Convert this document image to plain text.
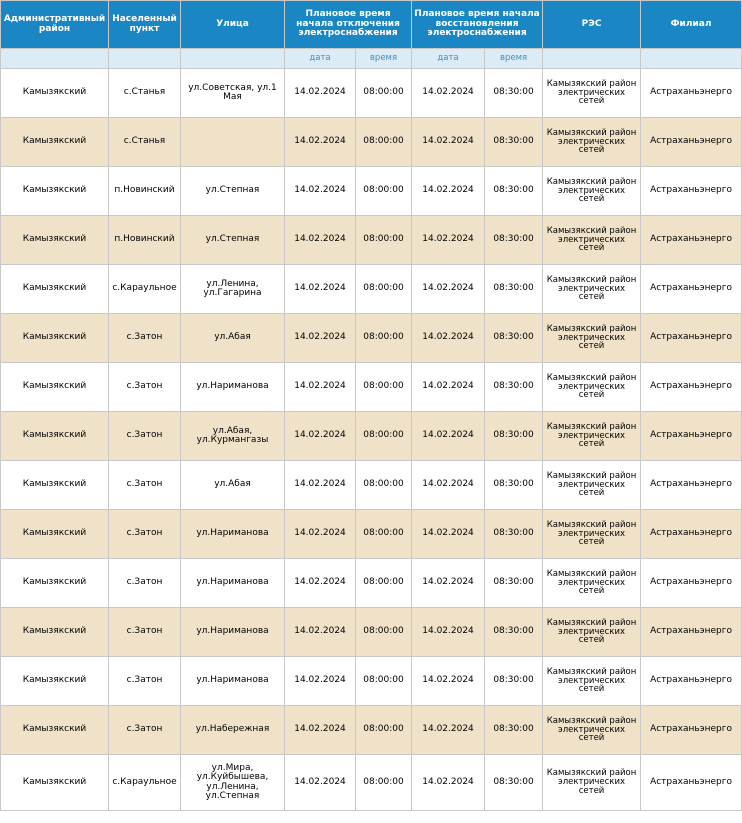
Административный район	Населенный пункт	Улица	Плановое время начала отключения электроснабжения		Плановое время начала восстановления электроснабжения		РЭС	Филиал
			дата	время	дата	время		
Камызякский	с.Станья	ул.Советская, ул.1 Мая	14.02.2024	08:00:00	14.02.2024	08:30:00	Камызякский район электрических сетей	Астраханьэнерго
Камызякский	с.Станья		14.02.2024	08:00:00	14.02.2024	08:30:00	Камызякский район электрических сетей	Астраханьэнерго
Камызякский	п.Новинский	ул.Степная	14.02.2024	08:00:00	14.02.2024	08:30:00	Камызякский район электрических сетей	Астраханьэнерго
Камызякский	п.Новинский	ул.Степная	14.02.2024	08:00:00	14.02.2024	08:30:00	Камызякский район электрических сетей	Астраханьэнерго
Камызякский	с.Караульное	ул.Ленина, ул.Гагарина	14.02.2024	08:00:00	14.02.2024	08:30:00	Камызякский район электрических сетей	Астраханьэнерго
Камызякский	с.Затон	ул.Абая	14.02.2024	08:00:00	14.02.2024	08:30:00	Камызякский район электрических сетей	Астраханьэнерго
Камызякский	с.Затон	ул.Нариманова	14.02.2024	08:00:00	14.02.2024	08:30:00	Камызякский район электрических сетей	Астраханьэнерго
Камызякский	с.Затон	ул.Абая, ул.Курмангазы	14.02.2024	08:00:00	14.02.2024	08:30:00	Камызякский район электрических сетей	Астраханьэнерго
Камызякский	с.Затон	ул.Абая	14.02.2024	08:00:00	14.02.2024	08:30:00	Камызякский район электрических сетей	Астраханьэнерго
Камызякский	с.Затон	ул.Нариманова	14.02.2024	08:00:00	14.02.2024	08:30:00	Камызякский район электрических сетей	Астраханьэнерго
Камызякский	с.Затон	ул.Нариманова	14.02.2024	08:00:00	14.02.2024	08:30:00	Камызякский район электрических сетей	Астраханьэнерго
Камызякский	с.Затон	ул.Нариманова	14.02.2024	08:00:00	14.02.2024	08:30:00	Камызякский район электрических сетей	Астраханьэнерго
Камызякский	с.Затон	ул.Нариманова	14.02.2024	08:00:00	14.02.2024	08:30:00	Камызякский район электрических сетей	Астраханьэнерго
Камызякский	с.Затон	ул.Набережная	14.02.2024	08:00:00	14.02.2024	08:30:00	Камызякский район электрических сетей	Астраханьэнерго
Камызякский	с.Караульное	ул.Мира, ул.Куйбышева, ул.Ленина, ул.Степная	14.02.2024	08:00:00	14.02.2024	08:30:00	Камызякский район электрических сетей	Астраханьэнерго
